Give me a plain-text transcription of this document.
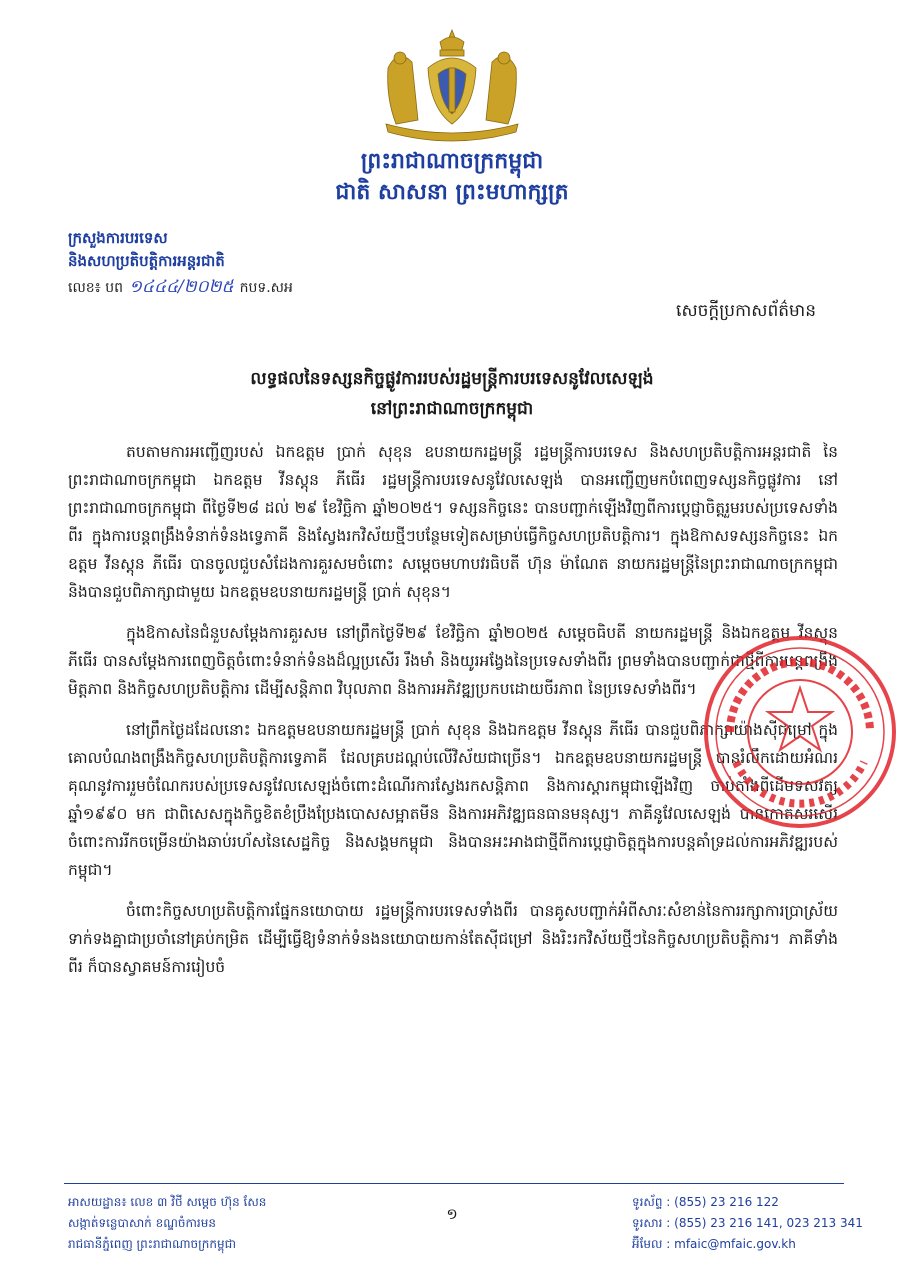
ព្រះរាជាណាចក្រកម្ពុជា
ជាតិ សាសនា ព្រះមហាក្សត្រ
ក្រសួងការបរទេស
និងសហប្រតិបត្តិការអន្តរជាតិ
លេខ៖ បព ១៤៤៤/២០២៥ កបទ.សអ
សេចក្តីប្រកាសព័ត៌មាន
លទ្ធផលនៃទស្សនកិច្ចផ្លូវការរបស់រដ្ឋមន្ត្រីការបរទេសនូវែលសេឡង់
នៅព្រះរាជាណាចក្រកម្ពុជា

តបតាមការអញ្ជើញរបស់ ឯកឧត្តម ប្រាក់ សុខុន ឧបនាយករដ្ឋមន្ត្រី រដ្ឋមន្ត្រីការបរទេស និងសហប្រតិបត្តិការអន្តរជាតិ នៃព្រះរាជាណាចក្រកម្ពុជា ឯកឧត្តម វីនស្តុន ភីធើរ រដ្ឋមន្ត្រីការបរទេសនូវែលសេឡង់ បានអញ្ជើញមកបំពេញទស្សនកិច្ចផ្លូវការ នៅព្រះរាជាណាចក្រកម្ពុជា ពីថ្ងៃទី២៨ ដល់ ២៩ ខែវិច្ឆិកា ឆ្នាំ២០២៥។ ទស្សនកិច្ចនេះ បានបញ្ជាក់ឡើងវិញពីការប្តេជ្ញាចិត្តរួមរបស់ប្រទេសទាំងពីរ ក្នុងការបន្តពង្រឹងទំនាក់ទំនងទ្វេភាគី និងស្វែងរកវិស័យថ្មីៗបន្ថែមទៀតសម្រាប់ធ្វើកិច្ចសហប្រតិបត្តិការ។ ក្នុងឱកាសទស្សនកិច្ចនេះ ឯកឧត្តម វីនស្តុន ភីធើរ បានចូលជួបសំដែងការគួរសមចំពោះ សម្តេចមហាបវរធិបតី ហ៊ុន ម៉ាណែត នាយករដ្ឋមន្ត្រីនៃព្រះរាជាណាចក្រកម្ពុជា និងបានជួបពិភាក្សាជាមួយ ឯកឧត្តមឧបនាយករដ្ឋមន្ត្រី ប្រាក់ សុខុន។

ក្នុងឱកាសនៃជំនួបសម្តែងការគួរសម នៅព្រឹកថ្ងៃទី២៩ ខែវិច្ឆិកា ឆ្នាំ២០២៥ សម្តេចធិបតី នាយករដ្ឋមន្ត្រី និងឯកឧត្តម វីនស្តុន ភីធើរ បានសម្តែងការពេញចិត្តចំពោះទំនាក់ទំនងដ៏ល្អប្រសើរ រឹងមាំ និងយូរអង្វែងនៃប្រទេសទាំងពីរ ព្រមទាំងបានបញ្ជាក់ជាថ្មីពីការបន្តពង្រឹងមិត្តភាព និងកិច្ចសហប្រតិបត្តិការ ដើម្បីសន្តិភាព វិបុលភាព និងការអភិវឌ្ឍប្រកបដោយចីរភាព នៃប្រទេសទាំងពីរ។

នៅព្រឹកថ្ងៃដដែលនោះ ឯកឧត្តមឧបនាយករដ្ឋមន្ត្រី ប្រាក់ សុខុន និងឯកឧត្តម វីនស្តុន ភីធើរ បានជួបពិភាក្សាយ៉ាងស៊ីជម្រៅ ក្នុងគោលបំណងពង្រឹងកិច្ចសហប្រតិបត្តិការទ្វេភាគី ដែលគ្របដណ្តប់លើវិស័យជាច្រើន។ ឯកឧត្តមឧបនាយករដ្ឋមន្ត្រី បានរំលឹកដោយអំណរគុណនូវការរួមចំណែករបស់ប្រទេសនូវែលសេឡង់ចំពោះដំណើរការស្វែងរកសន្តិភាព និងការស្តារកម្ពុជាឡើងវិញ ចាប់តាំងពីដើមទសវត្សឆ្នាំ១៩៩០ មក ជាពិសេសក្នុងកិច្ចខិតខំប្រឹងប្រែងបោសសម្អាតមីន និងការអភិវឌ្ឍធនធានមនុស្ស។ ភាគីនូវែលសេឡង់ បានកោតសរសើរចំពោះការរីកចម្រើនយ៉ាងឆាប់រហ័សនៃសេដ្ឋកិច្ច និងសង្គមកម្ពុជា និងបានអះអាងជាថ្មីពីការប្តេជ្ញាចិត្តក្នុងការបន្តគាំទ្រដល់ការអភិវឌ្ឍរបស់កម្ពុជា។

ចំពោះកិច្ចសហប្រតិបត្តិការផ្នែកនយោបាយ រដ្ឋមន្ត្រីការបរទេសទាំងពីរ បានគូសបញ្ជាក់អំពីសារៈសំខាន់នៃការរក្សាការប្រាស្រ័យទាក់ទងគ្នាជាប្រចាំនៅគ្រប់កម្រិត ដើម្បីធ្វើឱ្យទំនាក់ទំនងនយោបាយកាន់តែស៊ីជម្រៅ និងរិះរកវិស័យថ្មីៗនៃកិច្ចសហប្រតិបត្តិការ។ ភាគីទាំងពីរ ក៏បានស្វាគមន៍ការរៀបចំ

អាសយដ្ឋាន៖ លេខ ៣ វិថី សម្តេច ហ៊ុន សែន
សង្កាត់ទន្លេបាសាក់ ខណ្ឌចំការមន
រាជធានីភ្នំពេញ ព្រះរាជាណាចក្រកម្ពុជា
១
ទូរស័ព្ទ : (855) 23 216 122
ទូរសារ : (855) 23 216 141, 023 213 341
អ៊ីមែល : mfaic@mfaic.gov.kh
